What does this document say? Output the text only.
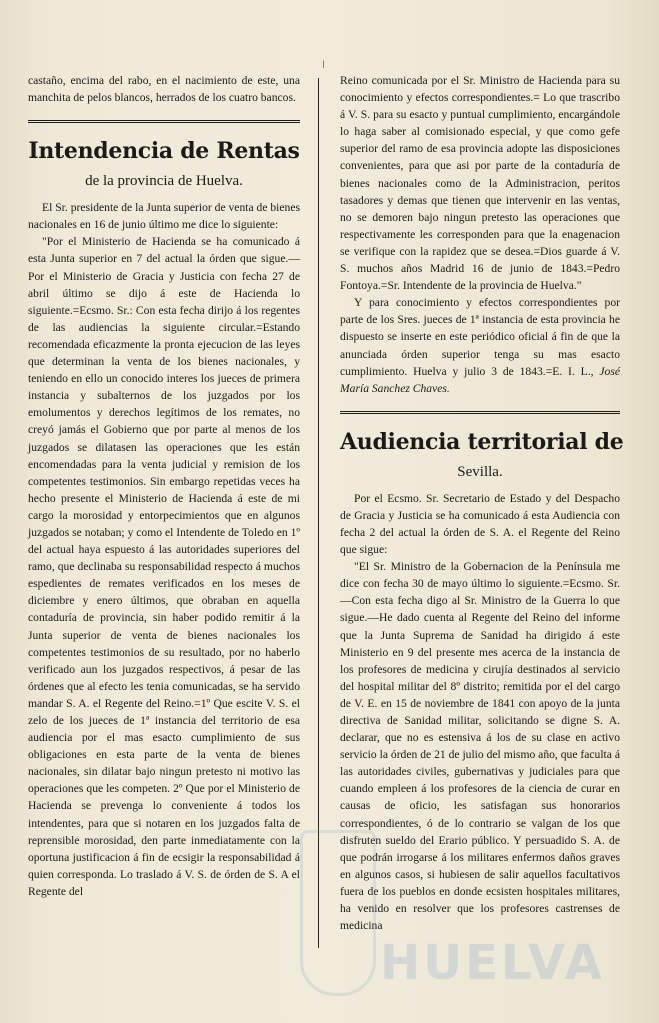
ǀ

castaño, encima del rabo, en el nacimiento de este, una manchita de pelos blancos, herrados de los cuatro bancos.

Intendencia de Rentas
de la provincia de Huelva.

El Sr. presidente de la Junta superior de venta de bienes nacionales en 16 de junio último me dice lo siguiente:

"Por el Ministerio de Hacienda se ha comunicado á esta Junta superior en 7 del actual la órden que sigue.—Por el Ministerio de Gracia y Justicia con fecha 27 de abril último se dijo á este de Hacienda lo siguiente.=Ecsmo. Sr.: Con esta fecha dirijo á los regentes de las audiencias la siguiente circular.=Estando recomendada eficazmente la pronta ejecucion de las leyes que determinan la venta de los bienes nacionales, y teniendo en ello un conocido interes los jueces de primera instancia y subalternos de los juzgados por los emolumentos y derechos legítimos de los remates, no creyó jamás el Gobierno que por parte al menos de los juzgados se dilatasen las operaciones que les están encomendadas para la venta judicial y remision de los competentes testimonios. Sin embargo repetidas veces ha hecho presente el Ministerio de Hacienda á este de mi cargo la morosidad y entorpecimientos que en algunos juzgados se notaban; y como el Intendente de Toledo en 1º del actual haya espuesto á las autoridades superiores del ramo, que declinaba su responsabilidad respecto á muchos espedientes de remates verificados en los meses de diciembre y enero últimos, que obraban en aquella contaduría de provincia, sin haber podido remitir á la Junta superior de venta de bienes nacionales los competentes testimonios de su resultado, por no haberlo verificado aun los juzgados respectivos, á pesar de las órdenes que al efecto les tenia comunicadas, se ha servido mandar S. A. el Regente del Reino.=1º Que escite V. S. el zelo de los jueces de 1ª instancia del territorio de esa audiencia por el mas esacto cumplimiento de sus obligaciones en esta parte de la venta de bienes nacionales, sin dilatar bajo ningun pretesto ni motivo las operaciones que les competen. 2º Que por el Ministerio de Hacienda se prevenga lo conveniente á todos los intendentes, para que si notaren en los juzgados falta de reprensible morosidad, den parte inmediatamente con la oportuna justificacion á fin de ecsigir la responsabilidad á quien corresponda. Lo traslado á V. S. de órden de S. A el Regente del

Reino comunicada por el Sr. Ministro de Hacienda para su conocimiento y efectos correspondientes.= Lo que trascribo á V. S. para su esacto y puntual cumplimiento, encargándole lo haga saber al comisionado especial, y que como gefe superior del ramo de esa provincia adopte las disposiciones convenientes, para que asi por parte de la contaduría de bienes nacionales como de la Administracion, peritos tasadores y demas que tienen que intervenir en las ventas, no se demoren bajo ningun pretesto las operaciones que respectivamente les corresponden para que la enagenacion se verifique con la rapidez que se desea.=Dios guarde á V. S. muchos años Madrid 16 de junio de 1843.=Pedro Fontoya.=Sr. Intendente de la provincia de Huelva."

Y para conocimiento y efectos correspondientes por parte de los Sres. jueces de 1ª instancia de esta provincia he dispuesto se inserte en este periódico oficial á fin de que la anunciada órden superior tenga su mas esacto cumplimiento. Huelva y julio 3 de 1843.=E. I. L., José María Sanchez Chaves.

Audiencia territorial de
Sevilla.

Por el Ecsmo. Sr. Secretario de Estado y del Despacho de Gracia y Justicia se ha comunicado á esta Audiencia con fecha 2 del actual la órden de S. A. el Regente del Reino que sigue:

"El Sr. Ministro de la Gobernacion de la Península me dice con fecha 30 de mayo último lo siguiente.=Ecsmo. Sr.—Con esta fecha digo al Sr. Ministro de la Guerra lo que sigue.—He dado cuenta al Regente del Reino del informe que la Junta Suprema de Sanidad ha dirigido á este Ministerio en 9 del presente mes acerca de la instancia de los profesores de medicina y cirujía destinados al servicio del hospital militar del 8º distrito; remitida por el del cargo de V. E. en 15 de noviembre de 1841 con apoyo de la junta directiva de Sanidad militar, solicitando se digne S. A. declarar, que no es estensiva á los de su clase en activo servicio la órden de 21 de julio del mismo año, que faculta á las autoridades civiles, gubernativas y judiciales para que cuando empleen á los profesores de la ciencia de curar en causas de oficio, les satisfagan sus honorarios correspondientes, ó de lo contrario se valgan de los que disfruten sueldo del Erario público. Y persuadido S. A. de que podrán irrogarse á los militares enfermos daños graves en algunos casos, si hubiesen de salir aquellos facultativos fuera de los pueblos en donde ecsisten hospitales militares, ha venido en resolver que los profesores castrenses de medicina

HUELVA
